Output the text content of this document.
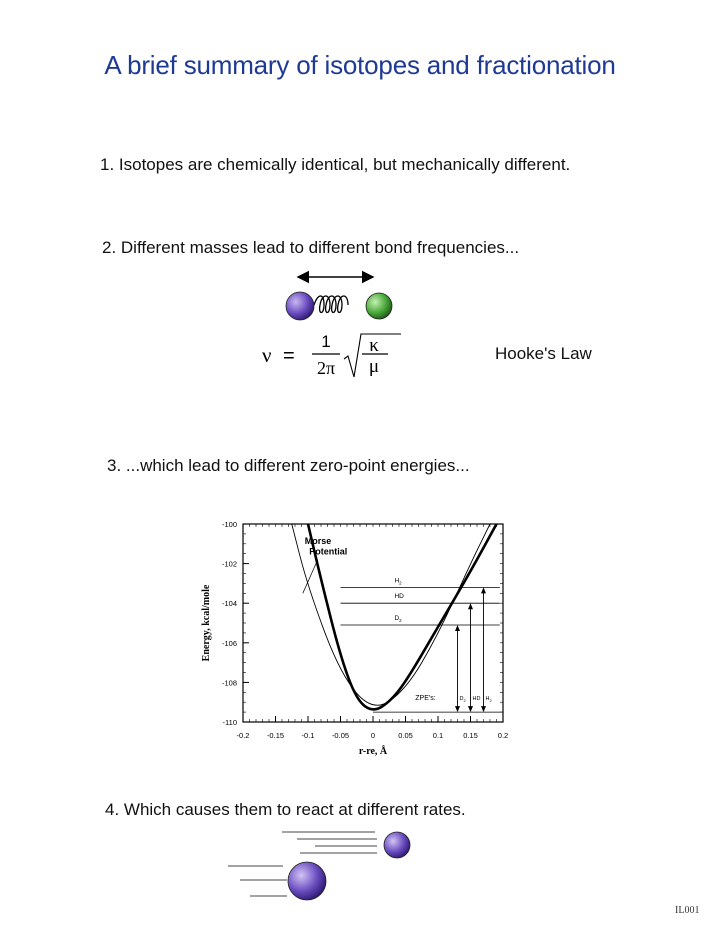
A brief summary of isotopes and fractionation
1. Isotopes are chemically identical, but mechanically different.
2. Different masses lead to different bond frequencies...
ν =
1
2π
κ
μ
Hooke's Law
3. ...which lead to different zero-point energies...
-0.2 -0.15 -0.1 -0.05	0	0.05	0.1	0.15	0.2
-100
-102
-104
-106
-108
-110
$H_2$
HD
$D_2$
$D_2$ HD $H_2$
Morse
Potential
ZPE's:
Energy, kcal/mole
r-re, Å
4. Which causes them to react at different rates.
IL001
